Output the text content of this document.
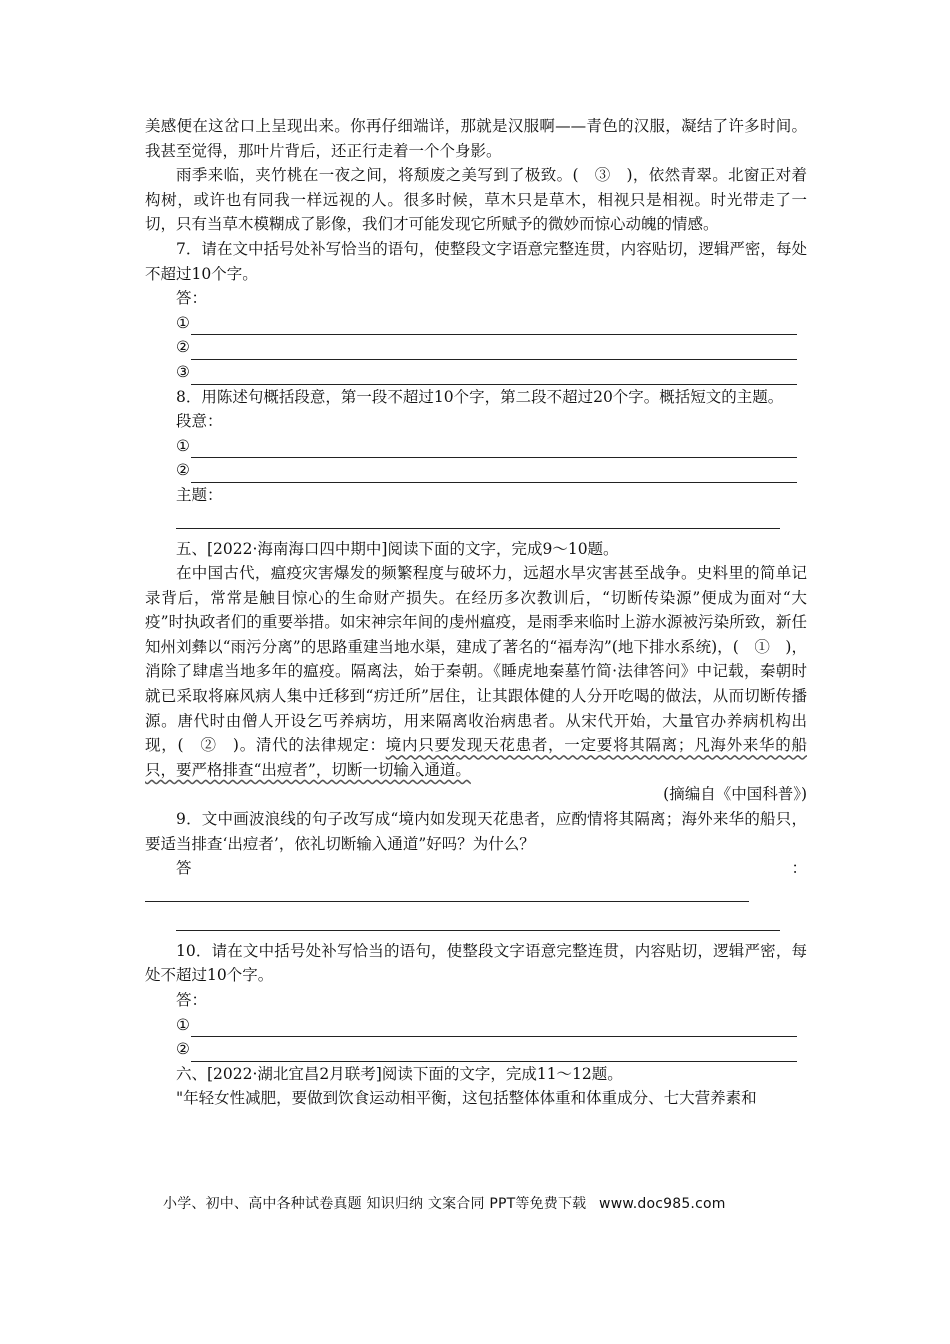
美感便在这岔口上呈现出来。你再仔细端详，那就是汉服啊——青色的汉服，凝结了许多时间。我甚至觉得，那叶片背后，还正行走着一个个身影。

雨季来临，夹竹桃在一夜之间，将颓废之美写到了极致。(　③　)，依然青翠。北窗正对着构树，或许也有同我一样远视的人。很多时候，草木只是草木，相视只是相视。时光带走了一切，只有当草木模糊成了影像，我们才可能发现它所赋予的微妙而惊心动魄的情感。

7．请在文中括号处补写恰当的语句，使整段文字语意完整连贯，内容贴切，逻辑严密，每处不超过10个字。

答：
①
②
③

8．用陈述句概括段意，第一段不超过10个字，第二段不超过20个字。概括短文的主题。

段意：
①
②
主题：

五、[2022·海南海口四中期中]阅读下面的文字，完成9～10题。

在中国古代，瘟疫灾害爆发的频繁程度与破坏力，远超水旱灾害甚至战争。史料里的简单记录背后，常常是触目惊心的生命财产损失。在经历多次教训后，“切断传染源”便成为面对“大疫”时执政者们的重要举措。如宋神宗年间的虔州瘟疫，是雨季来临时上游水源被污染所致，新任知州刘彝以“雨污分离”的思路重建当地水渠，建成了著名的“福寿沟”(地下排水系统)，(　①　)，消除了肆虐当地多年的瘟疫。隔离法，始于秦朝。《睡虎地秦墓竹简·法律答问》中记载，秦朝时就已采取将麻风病人集中迁移到“疠迁所”居住，让其跟体健的人分开吃喝的做法，从而切断传播源。唐代时由僧人开设乞丐养病坊，用来隔离收治病患者。从宋代开始，大量官办养病机构出现，(　②　)。清代的法律规定：境内只要发现天花患者，一定要将其隔离；凡海外来华的船只，要严格排查“出痘者”，切断一切输入通道。

(摘编自《中国科普》)

9．文中画波浪线的句子改写成“境内如发现天花患者，应酌情将其隔离；海外来华的船只，要适当排查‘出痘者’，依礼切断输入通道”好吗？为什么？

答	：

10．请在文中括号处补写恰当的语句，使整段文字语意完整连贯，内容贴切，逻辑严密，每处不超过10个字。

答：
①
②

六、[2022·湖北宜昌2月联考]阅读下面的文字，完成11～12题。

"年轻女性减肥，要做到饮食运动相平衡，这包括整体体重和体重成分、七大营养素和

小学、初中、高中各种试卷真题 知识归纳 文案合同 PPT等免费下载 www.doc985.com
